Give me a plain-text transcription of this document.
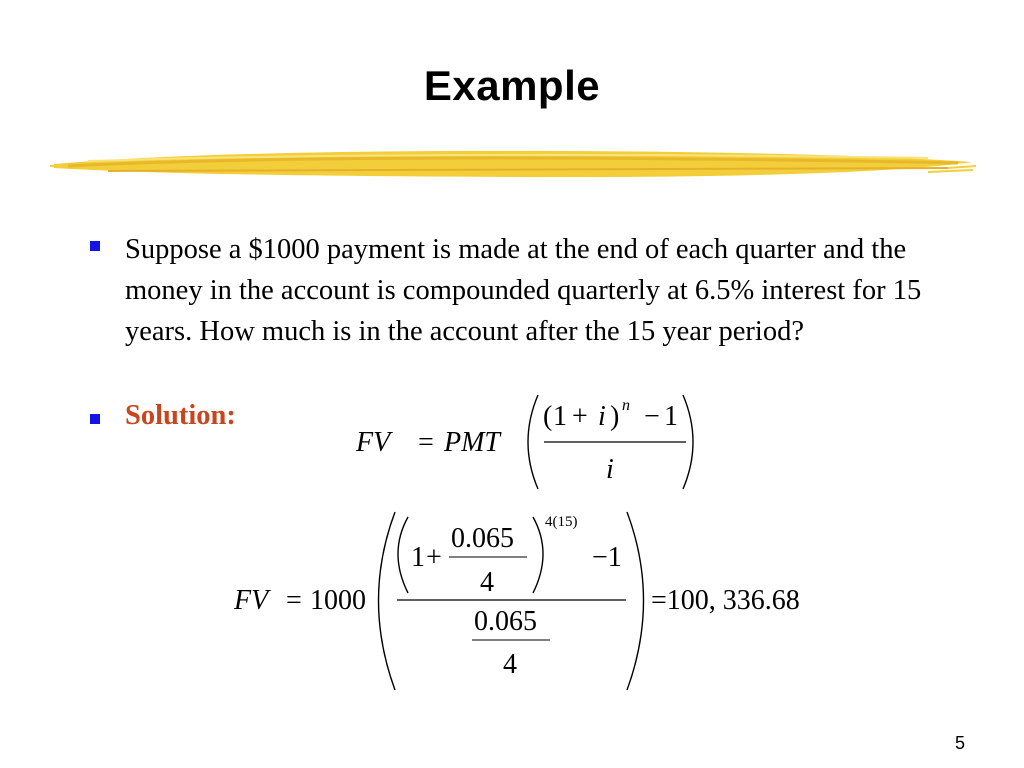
Example
Suppose a $1000 payment is made at the end of each quarter and the money in the account is compounded quarterly at 6.5% interest for 15 years. How much is in the account after the 15 year period?
Solution:
FV = PMT
( 1 + i ) n − 1
i
FV = 1000
1 +
0.065
4
4(15)
−1
0.065
4
=100, 336.68
5
